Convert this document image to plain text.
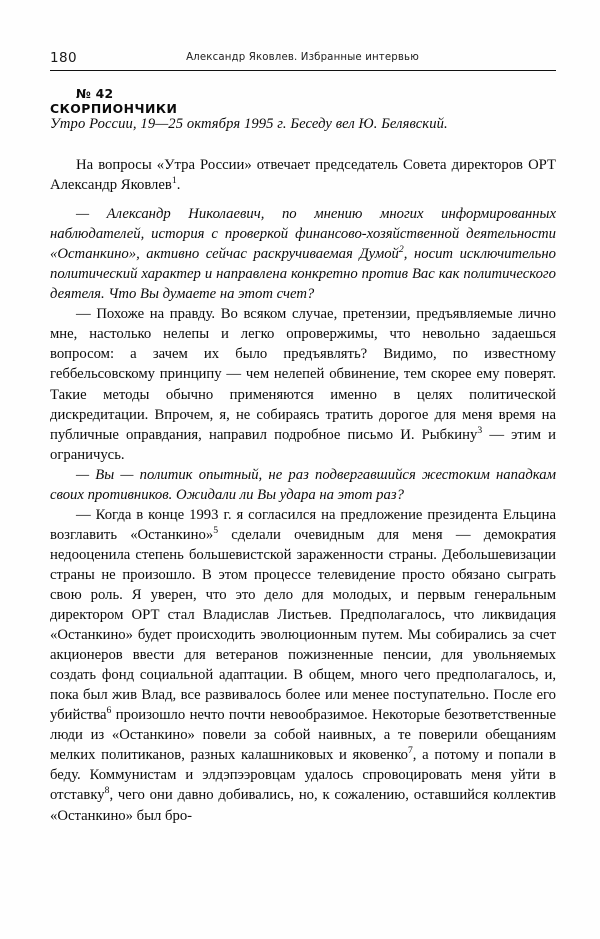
180	Александр Яковлев. Избранные интервью
№ 42
СКОРПИОНЧИКИ
Утро России, 19—25 октября 1995 г. Беседу вел Ю. Белявский.

На вопросы «Утра России» отвечает председатель Совета директоров ОРТ Александр Яковлев$^1$.

— Александр Николаевич, по мнению многих информированных наблюдателей, история с проверкой финансово-хозяйственной деятельности «Останкино», активно сейчас раскручиваемая Думой$^2$, носит исключительно политический характер и направлена конкретно против Вас как политического деятеля. Что Вы думаете на этот счет?

— Похоже на правду. Во всяком случае, претензии, предъявляемые лично мне, настолько нелепы и легко опровержимы, что невольно задаешься вопросом: а зачем их было предъявлять? Видимо, по известному геббельсовскому принципу — чем нелепей обвинение, тем скорее ему поверят. Такие методы обычно применяются именно в целях политической дискредитации. Впрочем, я, не собираясь тратить дорогое для меня время на публичные оправдания, направил подробное письмо И. Рыбкину$^3$ — этим и ограничусь.

— Вы — политик опытный, не раз подвергавшийся жестоким нападкам своих противников. Ожидали ли Вы удара на этот раз?

— Когда в конце 1993 г. я согласился на предложение президента Ельцина возглавить «Останкино»$^5$ сделали очевидным для меня — демократия недооценила степень большевистской зараженности страны. Дебольшевизации страны не произошло. В этом процессе телевидение просто обязано сыграть свою роль. Я уверен, что это дело для молодых, и первым генеральным директором ОРТ стал Владислав Листьев. Предполагалось, что ликвидация «Останкино» будет происходить эволюционным путем. Мы собирались за счет акционеров ввести для ветеранов пожизненные пенсии, для увольняемых создать фонд социальной адаптации. В общем, много чего предполагалось, и, пока был жив Влад, все развивалось более или менее поступательно. После его убийства$^6$ произошло нечто почти невообразимое. Некоторые безответственные люди из «Останкино» повели за собой наивных, а те поверили обещаниям мелких политиканов, разных калашниковых и яковенко$^7$, а потому и попали в беду. Коммунистам и элдэпээровцам удалось спровоцировать меня уйти в отставку$^8$, чего они давно добивались, но, к сожалению, оставшийся коллектив «Останкино» был бро-
